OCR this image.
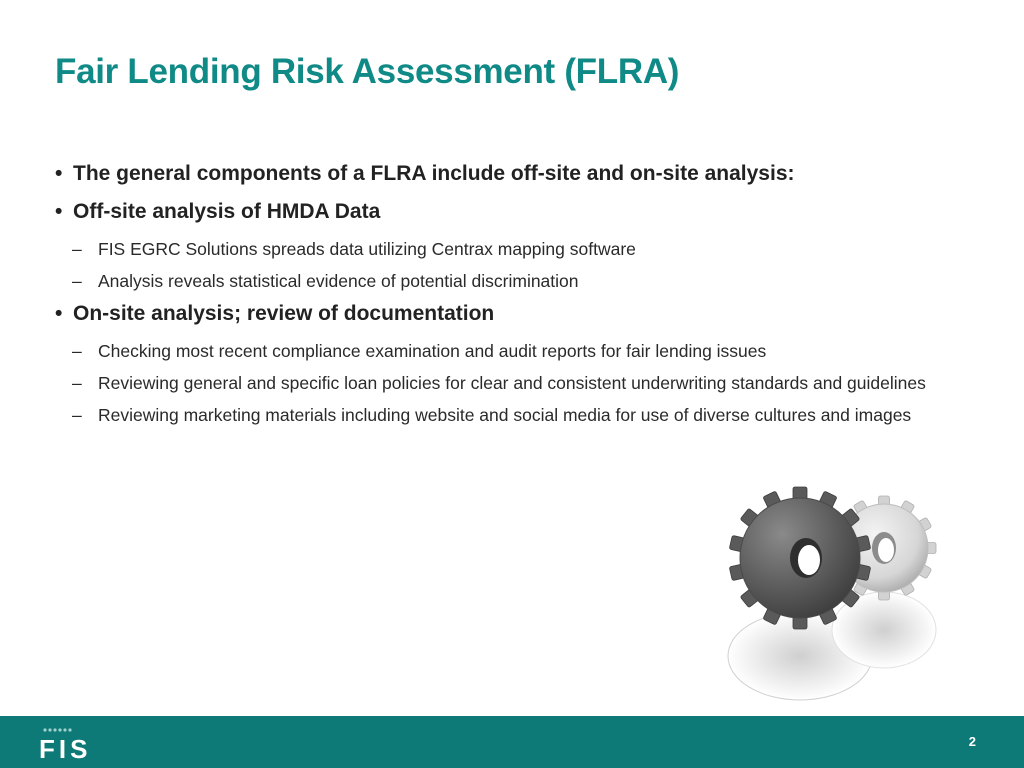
Fair Lending Risk Assessment (FLRA)
• The general components of a FLRA include off-site and on-site analysis:
• Off-site analysis of HMDA Data
– FIS EGRC Solutions spreads data utilizing Centrax mapping software
– Analysis reveals statistical evidence of potential discrimination
• On-site analysis; review of documentation
– Checking most recent compliance examination and audit reports for fair lending issues
– Reviewing general and specific loan policies for clear and consistent underwriting standards and guidelines
– Reviewing marketing materials including website and social media for use of diverse cultures and images
FIS	2
